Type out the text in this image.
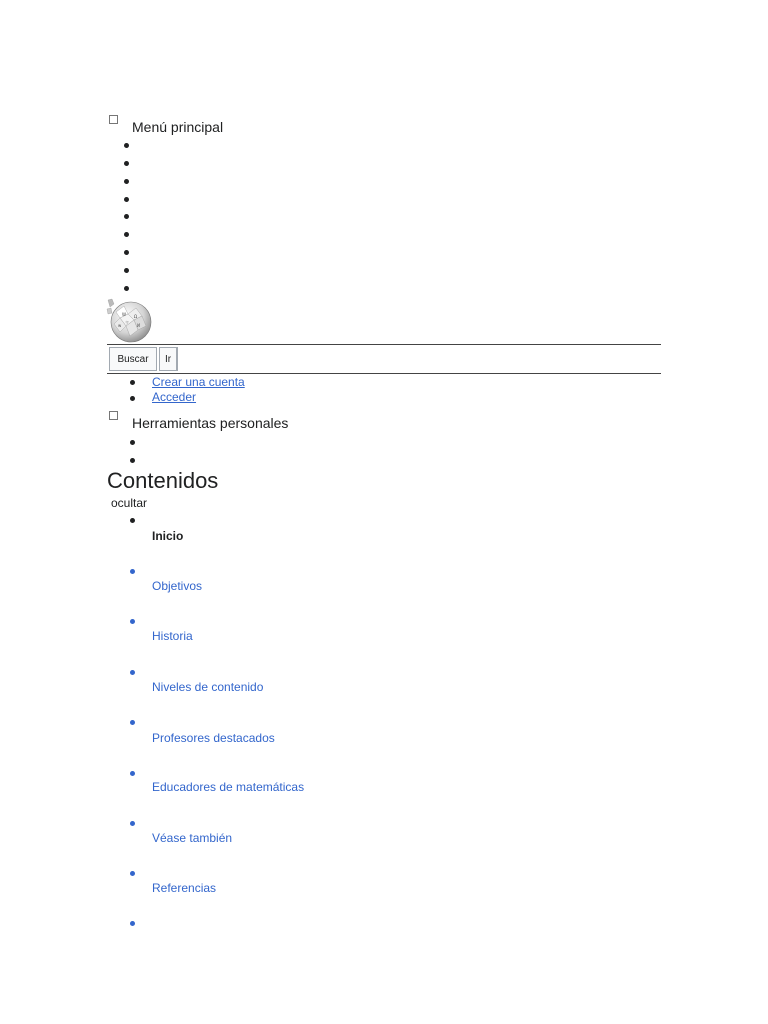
Menú principal
W Ω
ウ
И
w
Buscar	Ir
Crear una cuenta
Acceder
Herramientas personales
Contenidos
ocultar
Inicio
Objetivos
Historia
Niveles de contenido
Profesores destacados
Educadores de matemáticas
Véase también
Referencias
